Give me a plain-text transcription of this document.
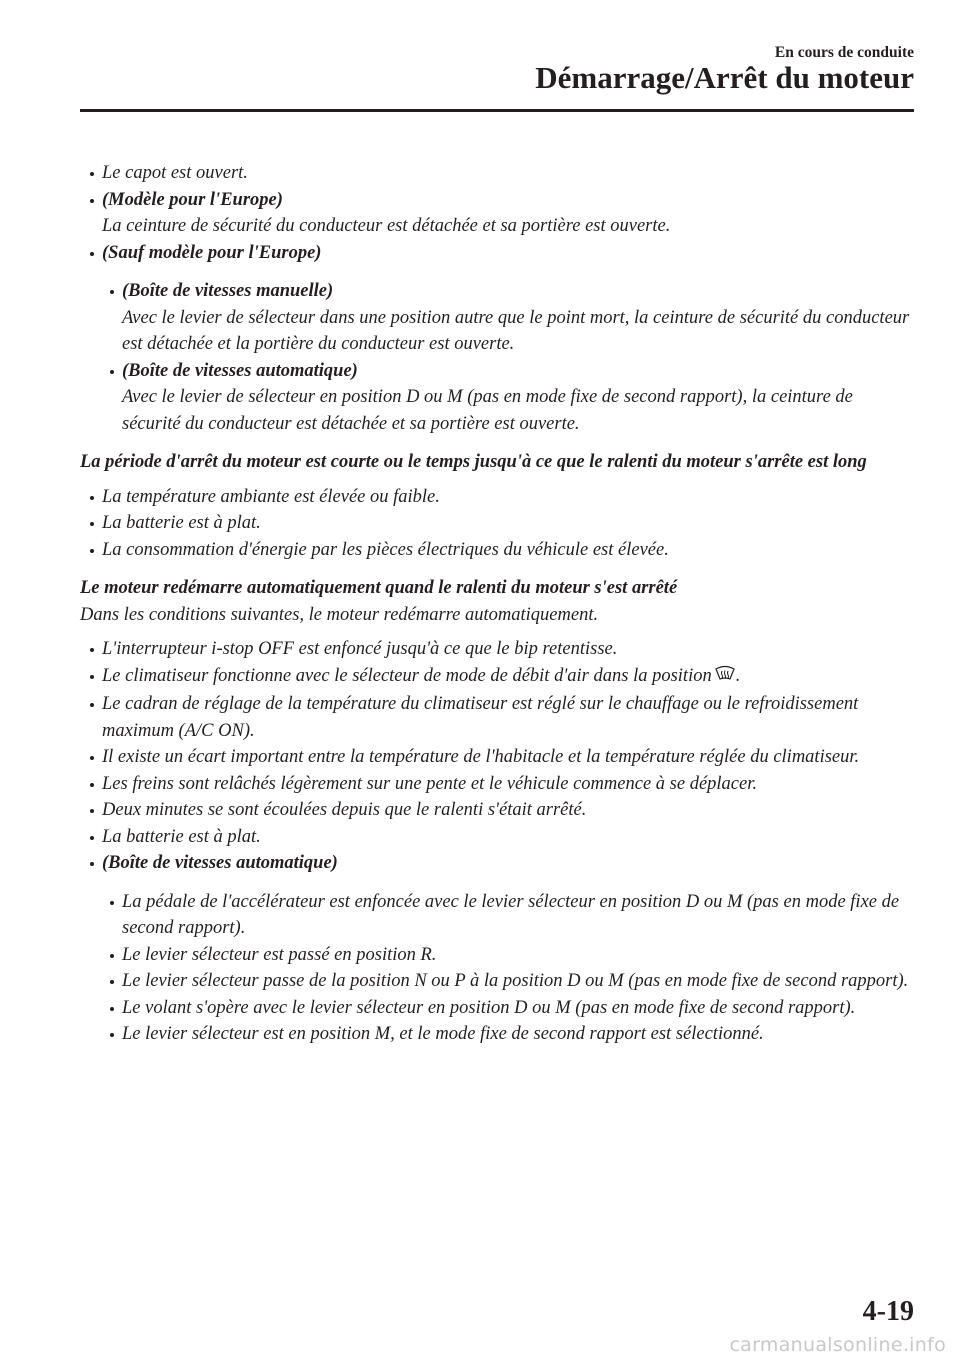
En cours de conduite
Démarrage/Arrêt du moteur
Le capot est ouvert.
(Modèle pour l'Europe)
La ceinture de sécurité du conducteur est détachée et sa portière est ouverte.
(Sauf modèle pour l'Europe)
(Boîte de vitesses manuelle)
Avec le levier de sélecteur dans une position autre que le point mort, la ceinture de sécurité du conducteur est détachée et la portière du conducteur est ouverte.
(Boîte de vitesses automatique)
Avec le levier de sélecteur en position D ou M (pas en mode fixe de second rapport), la ceinture de sécurité du conducteur est détachée et sa portière est ouverte.
La période d'arrêt du moteur est courte ou le temps jusqu'à ce que le ralenti du moteur s'arrête est long
La température ambiante est élevée ou faible.
La batterie est à plat.
La consommation d'énergie par les pièces électriques du véhicule est élevée.
Le moteur redémarre automatiquement quand le ralenti du moteur s'est arrêté
Dans les conditions suivantes, le moteur redémarre automatiquement.
L'interrupteur i-stop OFF est enfoncé jusqu'à ce que le bip retentisse.
Le climatiseur fonctionne avec le sélecteur de mode de débit d'air dans la position .
Le cadran de réglage de la température du climatiseur est réglé sur le chauffage ou le refroidissement maximum (A/C ON).
Il existe un écart important entre la température de l'habitacle et la température réglée du climatiseur.
Les freins sont relâchés légèrement sur une pente et le véhicule commence à se déplacer.
Deux minutes se sont écoulées depuis que le ralenti s'était arrêté.
La batterie est à plat.
(Boîte de vitesses automatique)
La pédale de l'accélérateur est enfoncée avec le levier sélecteur en position D ou M (pas en mode fixe de second rapport).
Le levier sélecteur est passé en position R.
Le levier sélecteur passe de la position N ou P à la position D ou M (pas en mode fixe de second rapport).
Le volant s'opère avec le levier sélecteur en position D ou M (pas en mode fixe de second rapport).
Le levier sélecteur est en position M, et le mode fixe de second rapport est sélectionné.
4-19
carmanualsonline.info
